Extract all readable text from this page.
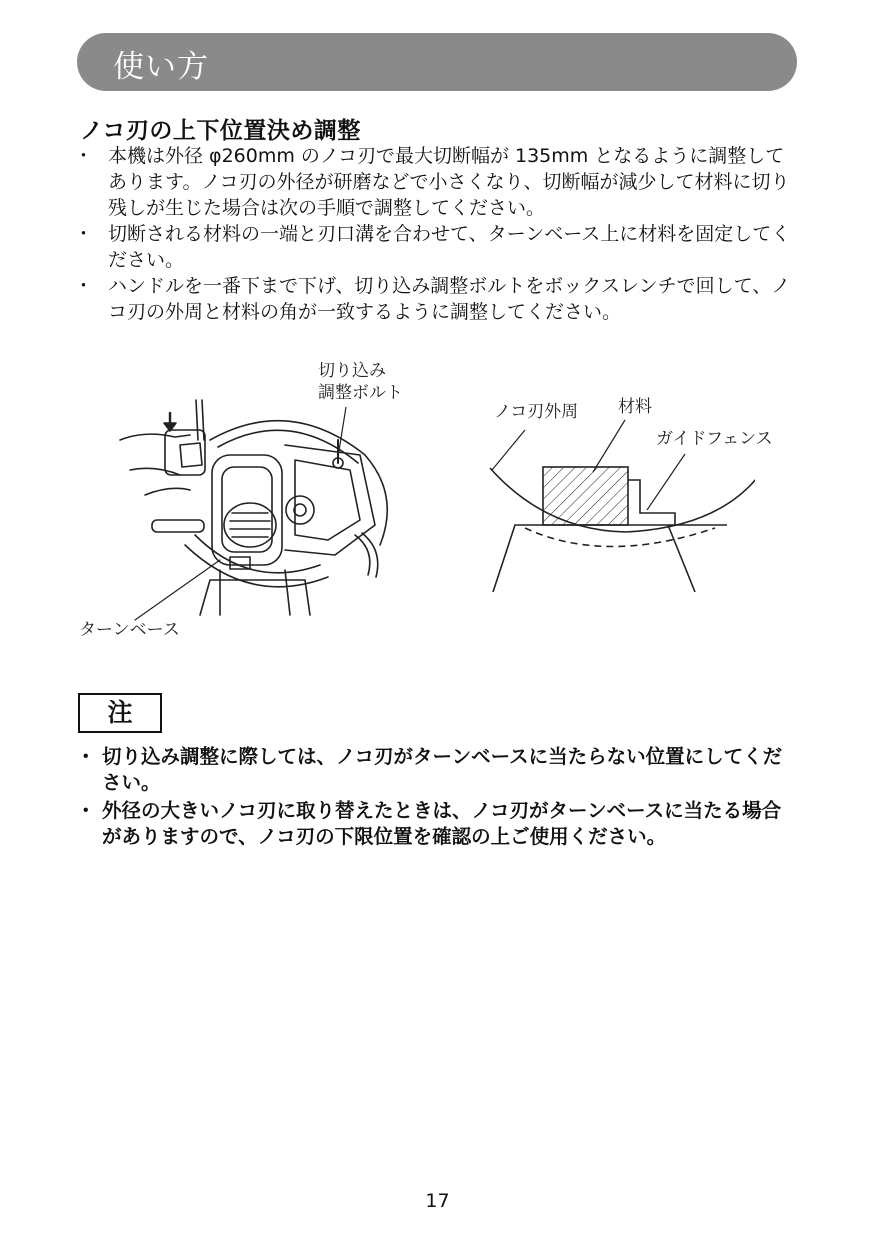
使い方
ノコ刃の上下位置決め調整
・ 本機は外径 φ260mm のノコ刃で最大切断幅が 135mm となるように調整してあります。ノコ刃の外径が研磨などで小さくなり、切断幅が減少して材料に切り残しが生じた場合は次の手順で調整してください。
・ 切断される材料の一端と刃口溝を合わせて、ターンベース上に材料を固定してください。
・ ハンドルを一番下まで下げ、切り込み調整ボルトをボックスレンチで回して、ノコ刃の外周と材料の角が一致するように調整してください。
切り込み
調整ボルト
ターンベース
ノコ刃外周 材料
ガイドフェンス
注
・ 切り込み調整に際しては、ノコ刃がターンベースに当たらない位置にしてください。
・ 外径の大きいノコ刃に取り替えたときは、ノコ刃がターンベースに当たる場合がありますので、ノコ刃の下限位置を確認の上ご使用ください。
17
